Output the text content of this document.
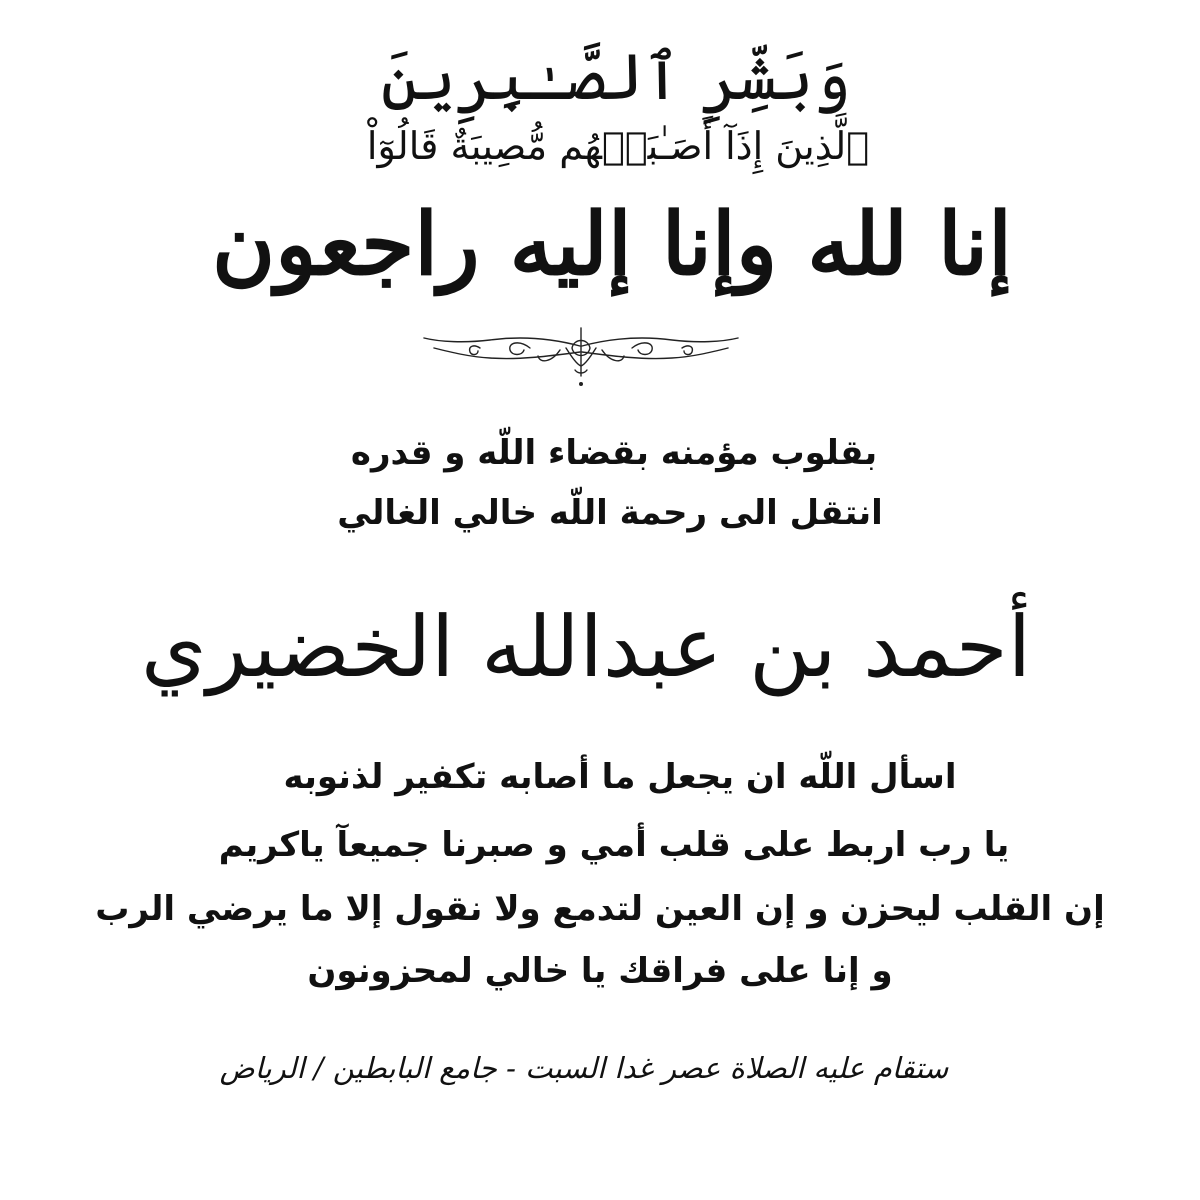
وَبَشِّرِ ٱلصَّـٰبِرِينَ
ٱلَّذِينَ إِذَآ أَصَـٰبَتۡهُم مُّصِيبَةٌ قَالُوٓاْ
إنا لله وإنا إليه راجعون
بقلوب مؤمنه بقضاء اللّه و قدره
انتقل الى رحمة اللّه خالي الغالي
أحمد بن عبدالله الخضيري
اسأل اللّه ان يجعل ما أصابه تكفير لذنوبه
يا رب اربط على قلب أمي و صبرنا جميعآ ياكريم
إن القلب ليحزن و إن العين لتدمع ولا نقول إلا ما يرضي الرب
و إنا على فراقك يا خالي لمحزونون
ستقام عليه الصلاة عصر غدا السبت - جامع البابطين / الرياض
